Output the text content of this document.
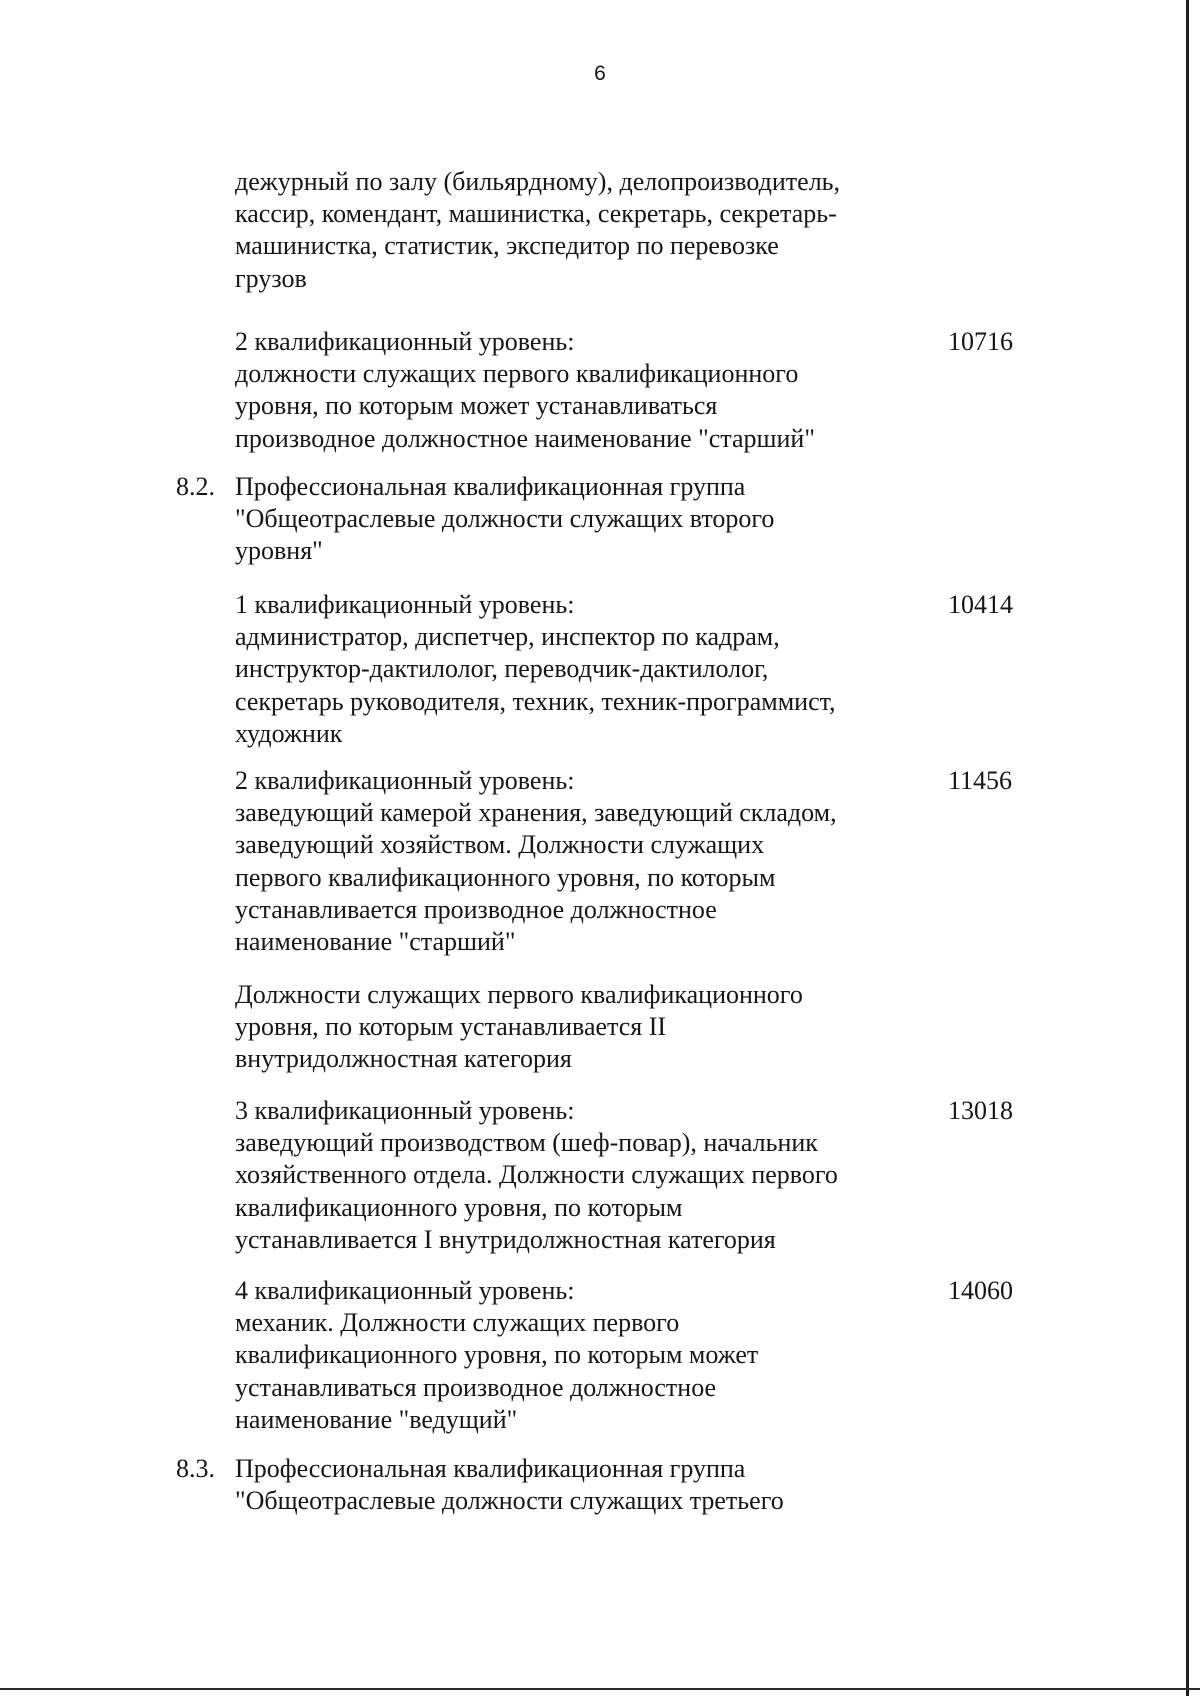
6
дежурный по залу (бильярдному), делопроизводитель,
кассир, комендант, машинистка, секретарь, секретарь-
машинистка, статистик, экспедитор по перевозке
грузов
2 квалификационный уровень:
должности служащих первого квалификационного
уровня, по которым может устанавливаться
производное должностное наименование "старший"
10716
8.2. Профессиональная квалификационная группа
"Общеотраслевые должности служащих второго
уровня"
1 квалификационный уровень:
администратор, диспетчер, инспектор по кадрам,
инструктор-дактилолог, переводчик-дактилолог,
секретарь руководителя, техник, техник-программист,
художник
10414
2 квалификационный уровень:
заведующий камерой хранения, заведующий складом,
заведующий хозяйством. Должности служащих
первого квалификационного уровня, по которым
устанавливается производное должностное
наименование "старший"
11456
Должности служащих первого квалификационного
уровня, по которым устанавливается II
внутридолжностная категория
3 квалификационный уровень:
заведующий производством (шеф-повар), начальник
хозяйственного отдела. Должности служащих первого
квалификационного уровня, по которым
устанавливается I внутридолжностная категория
13018
4 квалификационный уровень:
механик. Должности служащих первого
квалификационного уровня, по которым может
устанавливаться производное должностное
наименование "ведущий"
14060
8.3. Профессиональная квалификационная группа
"Общеотраслевые должности служащих третьего
